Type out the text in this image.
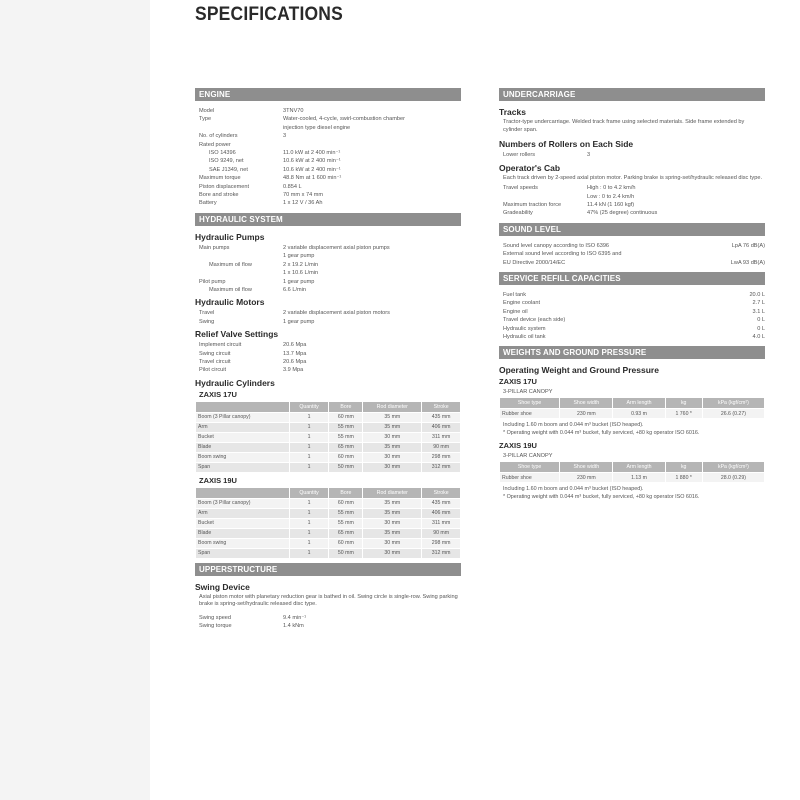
SPECIFICATIONS
ENGINE
Model	3TNV70
Type	Water-cooled, 4-cycle, swirl-combustion chamber
injection type diesel engine
No. of cylinders	3
Rated power
ISO 14396	11.0 kW at 2 400 min⁻¹
ISO 9249, net	10.6 kW at 2 400 min⁻¹
SAE J1349, net	10.6 kW at 2 400 min⁻¹
Maximum torque	48.8 Nm at 1 600 min⁻¹
Piston displacement	0.854 L
Bore and stroke	70 mm x 74 mm
Battery	1 x 12 V / 36 Ah
HYDRAULIC SYSTEM
Hydraulic Pumps
Main pumps	2 variable displacement axial piston pumps
1 gear pump
Maximum oil flow	2 x 19.2 L/min
1 x 10.6 L/min
Pilot pump	1 gear pump
Maximum oil flow	6.6 L/min
Hydraulic Motors
Travel	2 variable displacement axial piston motors
Swing	1 gear pump
Relief Valve Settings
Implement circuit	20.6 Mpa
Swing circuit	13.7 Mpa
Travel circuit	20.6 Mpa
Pilot circuit	3.9 Mpa
Hydraulic Cylinders
ZAXIS 17U
	Quantity	Bore	Rod diameter	Stroke
Boom (3 Pillar canopy)	1	60 mm	35 mm	435 mm
Arm	1	55 mm	35 mm	406 mm
Bucket	1	55 mm	30 mm	311 mm
Blade	1	65 mm	35 mm	90 mm
Boom swing	1	60 mm	30 mm	298 mm
Span	1	50 mm	30 mm	312 mm
ZAXIS 19U
	Quantity	Bore	Rod diameter	Stroke
Boom (3 Pillar canopy)	1	60 mm	35 mm	435 mm
Arm	1	55 mm	35 mm	406 mm
Bucket	1	55 mm	30 mm	311 mm
Blade	1	65 mm	35 mm	90 mm
Boom swing	1	60 mm	30 mm	298 mm
Span	1	50 mm	30 mm	312 mm
UPPERSTRUCTURE
Swing Device
Axial piston motor with planetary reduction gear is bathed in oil. Swing circle is single-row. Swing parking brake is spring-set/hydraulic released disc type.
Swing speed	9.4 min⁻¹
Swing torque	1.4 kNm
UNDERCARRIAGE
Tracks
Tractor-type undercarriage. Welded track frame using selected materials. Side frame extended by cylinder span.
Numbers of Rollers on Each Side
Lower rollers	3
Operator's Cab
Each track driven by 2-speed axial piston motor. Parking brake is spring-set/hydraulic released disc type.
Travel speeds	High : 0 to 4.2 km/h
Low : 0 to 2.4 km/h
Maximum traction force	11.4 kN (1 160 kgf)
Gradeability	47% (25 degree) continuous
SOUND LEVEL
Sound level canopy according to ISO 6396	LpA 76 dB(A)
External sound level according to ISO 6395 and
EU Directive 2000/14/EC	LwA 93 dB(A)
SERVICE REFILL CAPACITIES
Fuel tank	20.0 L
Engine coolant	2.7 L
Engine oil	3.1 L
Travel device (each side)	0 L
Hydraulic system	0 L
Hydraulic oil tank	4.0 L
WEIGHTS AND GROUND PRESSURE
Operating Weight and Ground Pressure
ZAXIS 17U
3-PILLAR CANOPY
Shoe type	Shoe width	Arm length	kg	kPa (kgf/cm²)
Rubber shoe	230 mm	0.93 m	1 760 *	26.6 (0.27)
Including 1.60 m boom and 0.044 m³ bucket (ISO heaped).
* Operating weight with 0.044 m³ bucket, fully serviced, +80 kg operator ISO 6016.
ZAXIS 19U
3-PILLAR CANOPY
Shoe type	Shoe width	Arm length	kg	kPa (kgf/cm²)
Rubber shoe	230 mm	1.13 m	1 880 *	28.0 (0.29)
Including 1.60 m boom and 0.044 m³ bucket (ISO heaped).
* Operating weight with 0.044 m³ bucket, fully serviced, +80 kg operator ISO 6016.
